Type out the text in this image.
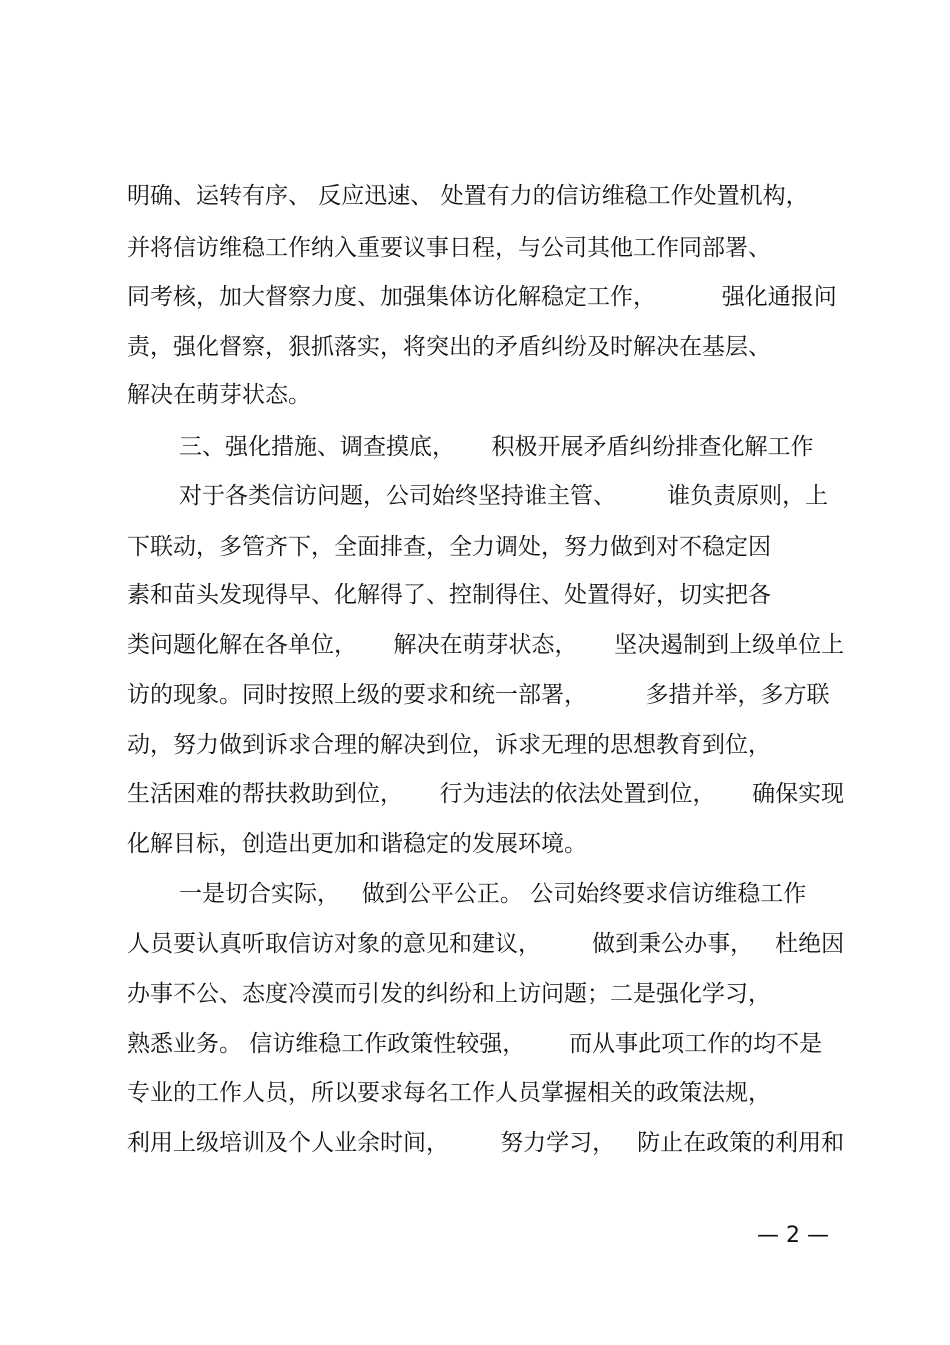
明确、运转有序、 反应迅速、 处置有力的信访维稳工作处置机构，
并将信访维稳工作纳入重要议事日程，与公司其他工作同部署、
同考核，加大督察力度、加强集体访化解稳定工作，         强化通报问
责，强化督察，狠抓落实，将突出的矛盾纠纷及时解决在基层、
解决在萌芽状态。
三、强化措施、调查摸底，     积极开展矛盾纠纷排查化解工作
对于各类信访问题，公司始终坚持谁主管、       谁负责原则，上
下联动，多管齐下，全面排查，全力调处，努力做到对不稳定因
素和苗头发现得早、化解得了、控制得住、处置得好，切实把各
类问题化解在各单位，     解决在萌芽状态，     坚决遏制到上级单位上
访的现象。同时按照上级的要求和统一部署，        多措并举，多方联
动，努力做到诉求合理的解决到位，诉求无理的思想教育到位，
生活困难的帮扶救助到位，     行为违法的依法处置到位，     确保实现
化解目标，创造出更加和谐稳定的发展环境。
一是切合实际，   做到公平公正。 公司始终要求信访维稳工作
人员要认真听取信访对象的意见和建议，       做到秉公办事，   杜绝因
办事不公、态度冷漠而引发的纠纷和上访问题；二是强化学习，
熟悉业务。 信访维稳工作政策性较强，      而从事此项工作的均不是
专业的工作人员，所以要求每名工作人员掌握相关的政策法规，
利用上级培训及个人业余时间，       努力学习，   防止在政策的利用和
— 2 —
